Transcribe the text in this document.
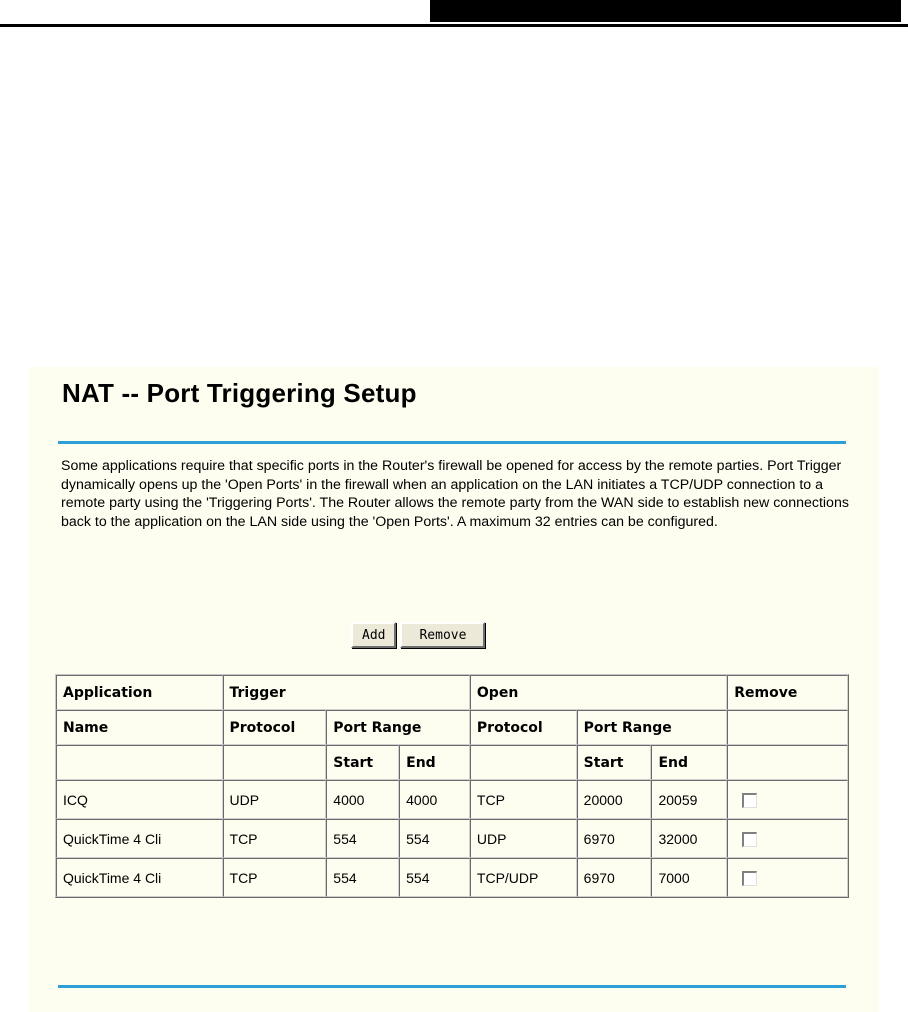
NAT -- Port Triggering Setup

Some applications require that specific ports in the Router's firewall be opened for access by the remote parties. Port Trigger dynamically opens up the 'Open Ports' in the firewall when an application on the LAN initiates a TCP/UDP connection to a remote party using the 'Triggering Ports'. The Router allows the remote party from the WAN side to establish new connections back to the application on the LAN side using the 'Open Ports'. A maximum 32 entries can be configured.

Add	Remove
Application	Trigger			Open			Remove
Name	Protocol	Port Range		Protocol	Port Range		
		Start	End		Start	End	
ICQ	UDP	4000	4000	TCP	20000	20059	
QuickTime 4 Cli	TCP	554	554	UDP	6970	32000	
QuickTime 4 Cli	TCP	554	554	TCP/UDP	6970	7000	
